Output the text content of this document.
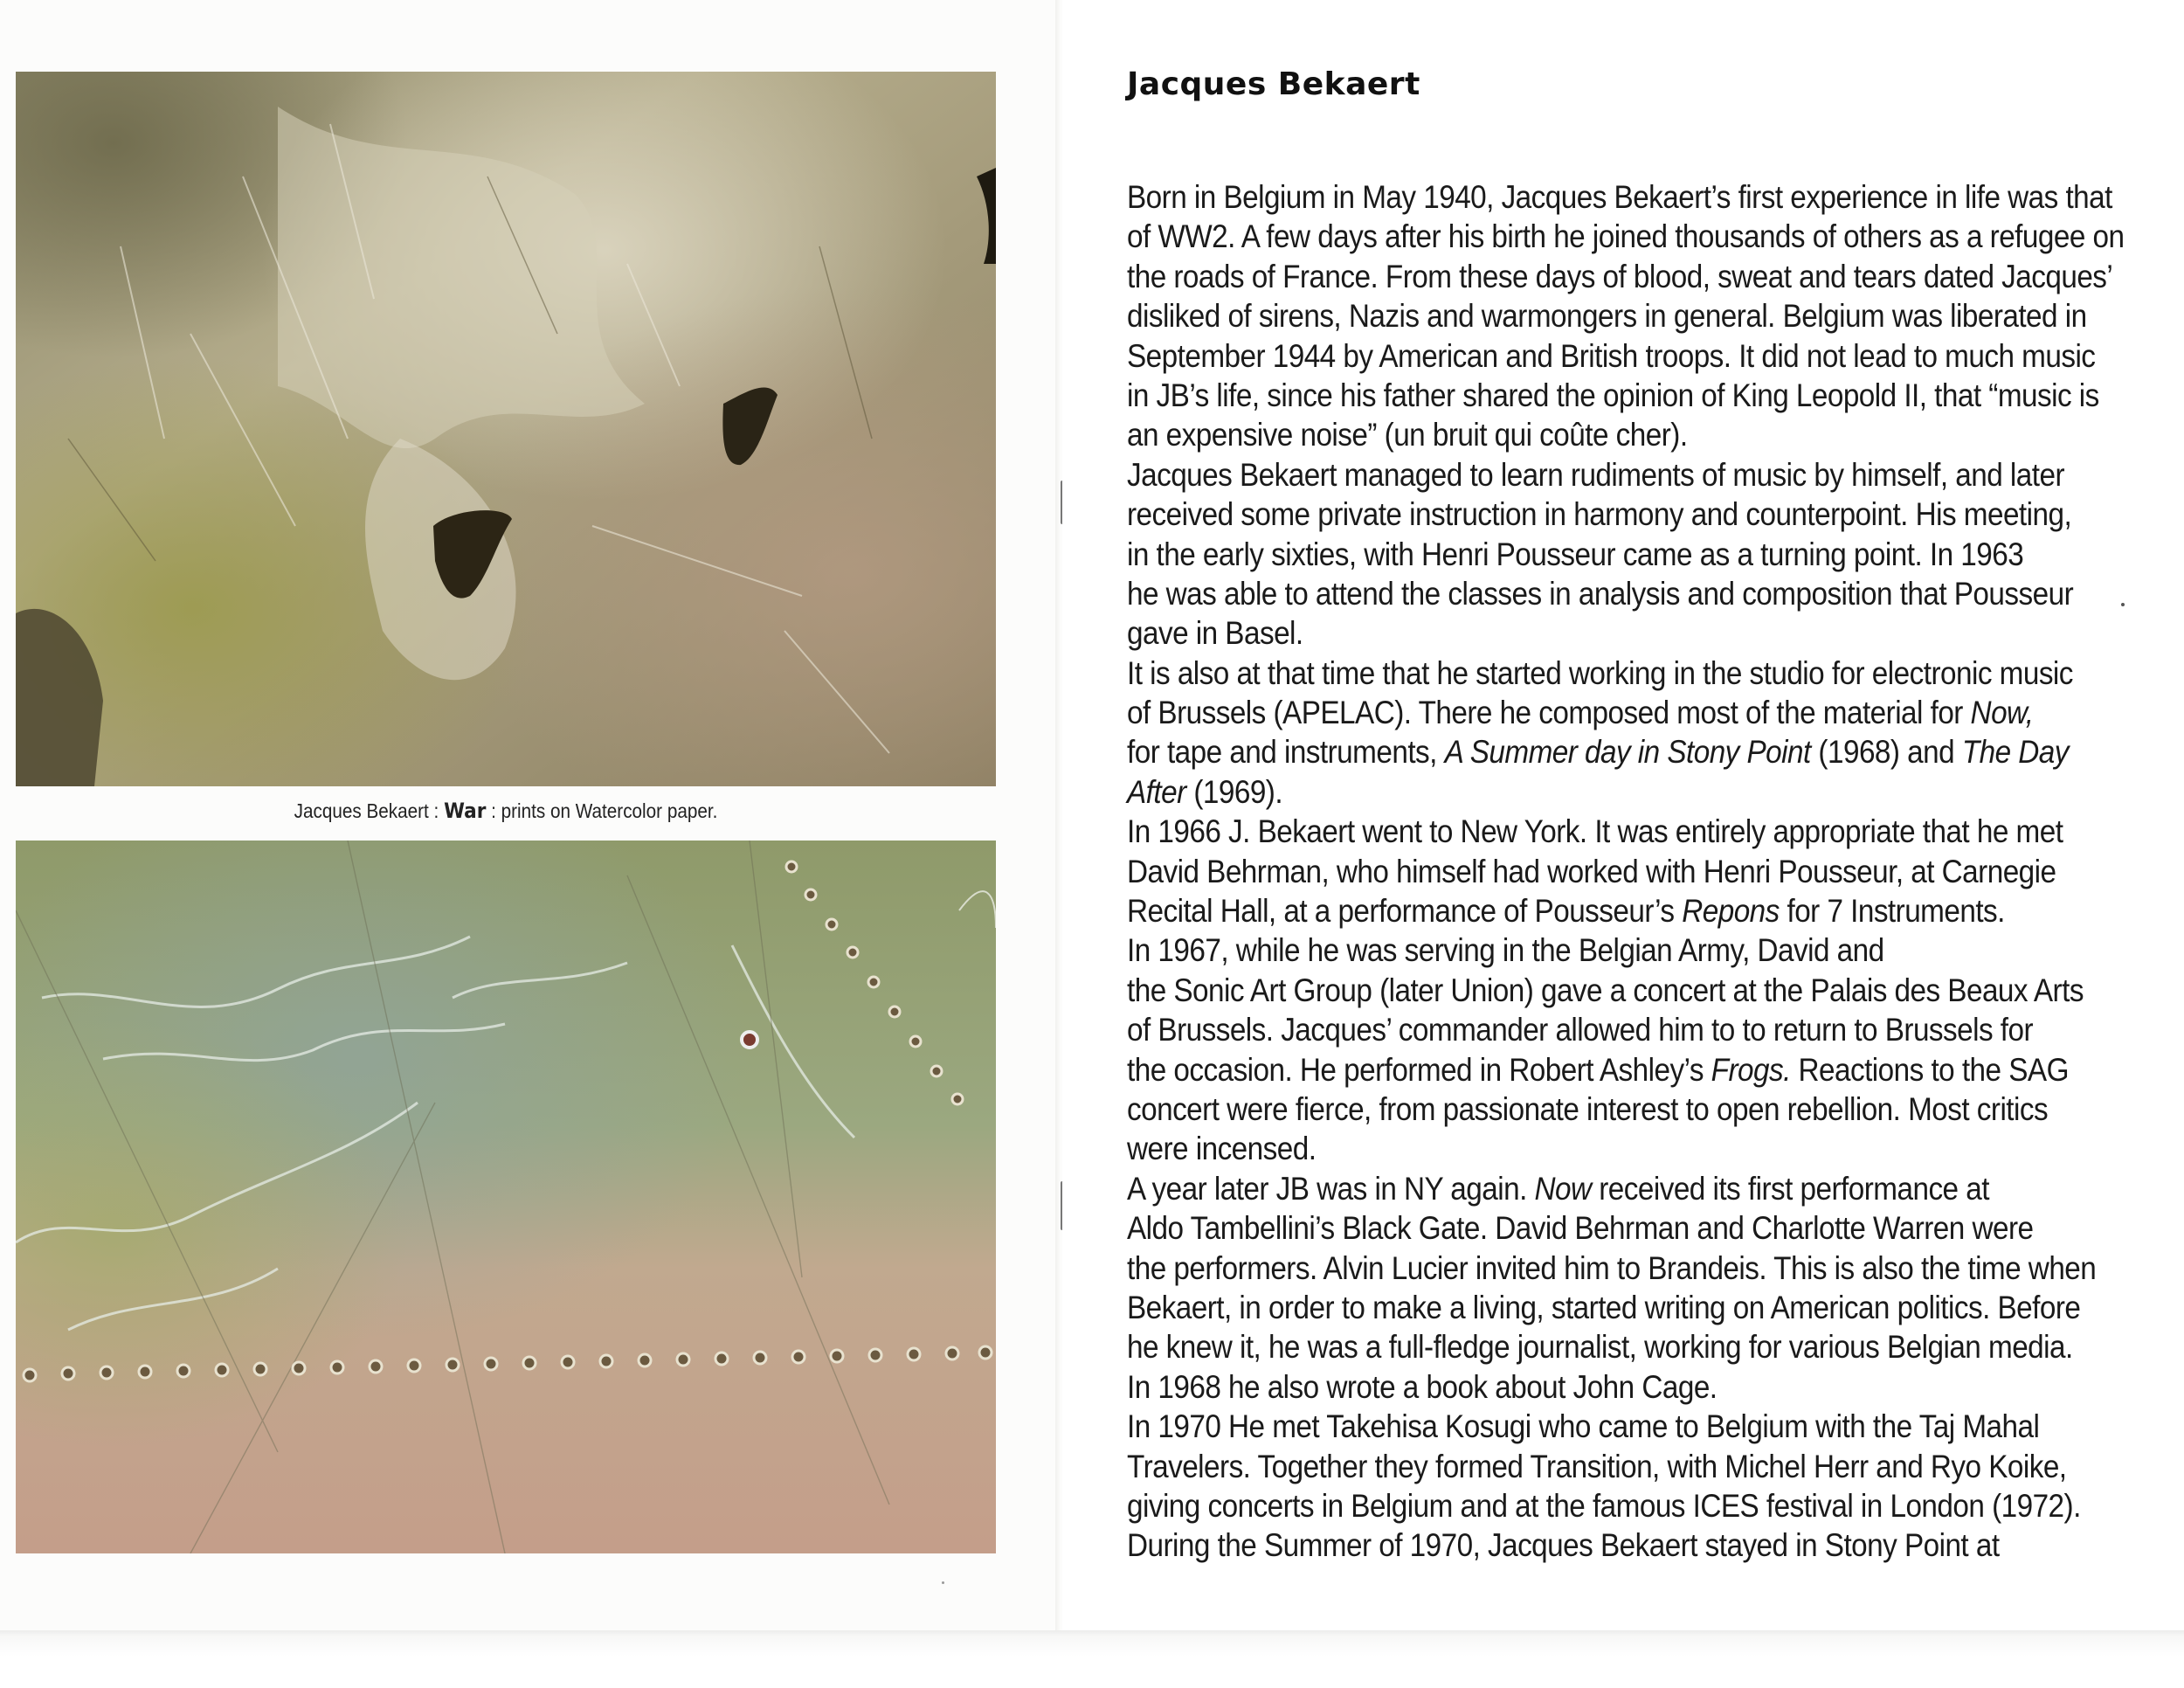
Jacques Bekaert : War : prints on Watercolor paper.
Jacques Bekaert
Born in Belgium in May 1940, Jacques Bekaert’s first experience in life was that
of WW2. A few days after his birth he joined thousands of others as a refugee on
the roads of France. From these days of blood, sweat and tears dated Jacques’
disliked of sirens, Nazis and warmongers in general. Belgium was liberated in
September 1944 by American and British troops. It did not lead to much music
in JB’s life, since his father shared the opinion of King Leopold II, that “music is
an expensive noise” (un bruit qui coûte cher).
Jacques Bekaert managed to learn rudiments of music by himself, and later
received some private instruction in harmony and counterpoint. His meeting,
in the early sixties, with Henri Pousseur came as a turning point. In 1963
he was able to attend the classes in analysis and composition that Pousseur
gave in Basel.
It is also at that time that he started working in the studio for electronic music
of Brussels (APELAC). There he composed most of the material for Now,
for tape and instruments, A Summer day in Stony Point (1968) and The Day
After (1969).
In 1966 J. Bekaert went to New York. It was entirely appropriate that he met
David Behrman, who himself had worked with Henri Pousseur, at Carnegie
Recital Hall, at a performance of Pousseur’s Repons for 7 Instruments.
In 1967, while he was serving in the Belgian Army, David and
the Sonic Art Group (later Union) gave a concert at the Palais des Beaux Arts
of Brussels. Jacques’ commander allowed him to to return to Brussels for
the occasion. He performed in Robert Ashley’s Frogs. Reactions to the SAG
concert were fierce, from passionate interest to open rebellion. Most critics
were incensed.
A year later JB was in NY again. Now received its first performance at
Aldo Tambellini’s Black Gate. David Behrman and Charlotte Warren were
the performers. Alvin Lucier invited him to Brandeis. This is also the time when
Bekaert, in order to make a living, started writing on American politics. Before
he knew it, he was a full-fledge journalist, working for various Belgian media.
In 1968 he also wrote a book about John Cage.
In 1970 He met Takehisa Kosugi who came to Belgium with the Taj Mahal
Travelers. Together they formed Transition, with Michel Herr and Ryo Koike,
giving concerts in Belgium and at the famous ICES festival in London (1972).
During the Summer of 1970, Jacques Bekaert stayed in Stony Point at
